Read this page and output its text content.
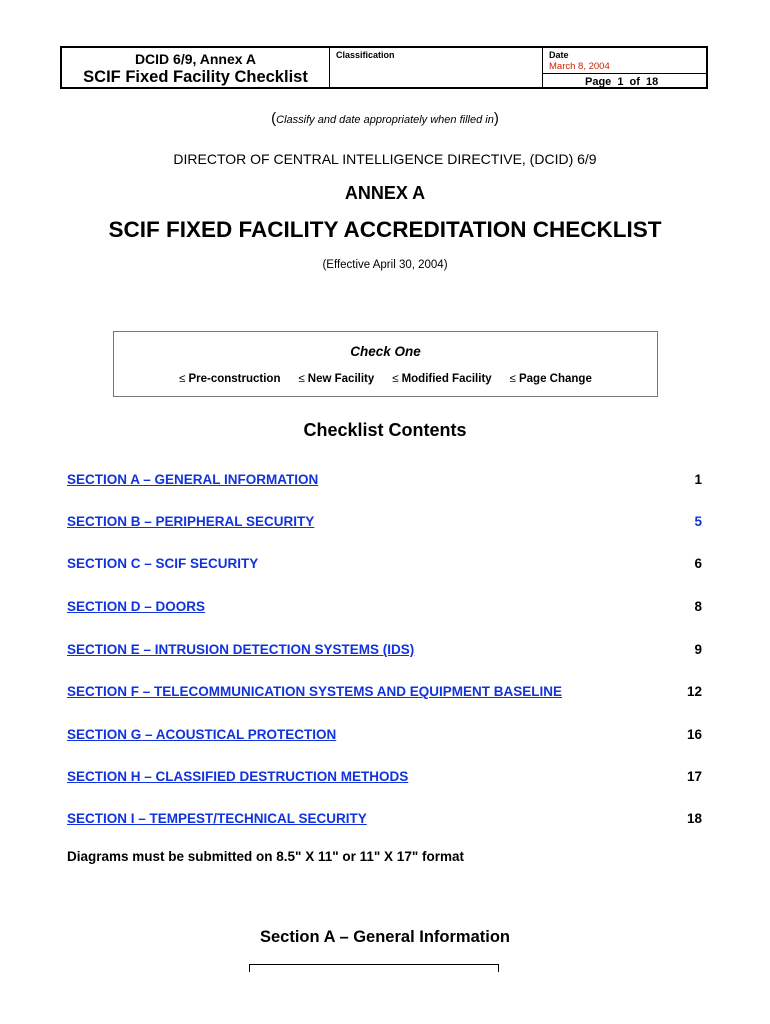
DCID 6/9, Annex A
SCIF Fixed Facility Checklist
Classification	Date
March 8, 2004
Page 1 of 18
(Classify and date appropriately when filled in)
DIRECTOR OF CENTRAL INTELLIGENCE DIRECTIVE, (DCID) 6/9
ANNEX A
SCIF FIXED FACILITY ACCREDITATION CHECKLIST
(Effective April 30, 2004)
Check One
≤ Pre-construction ≤ New Facility ≤ Modified Facility ≤ Page Change
Checklist Contents
SECTION A – GENERAL INFORMATION	1
SECTION B – PERIPHERAL SECURITY	5
SECTION C – SCIF SECURITY	6
SECTION D – DOORS	8
SECTION E – INTRUSION DETECTION SYSTEMS (IDS)	9
SECTION F – TELECOMMUNICATION SYSTEMS AND EQUIPMENT BASELINE	12
SECTION G – ACOUSTICAL PROTECTION	16
SECTION H – CLASSIFIED DESTRUCTION METHODS	17
SECTION I – TEMPEST/TECHNICAL SECURITY	18
Diagrams must be submitted on 8.5" X 11" or 11" X 17" format
Section A – General Information
